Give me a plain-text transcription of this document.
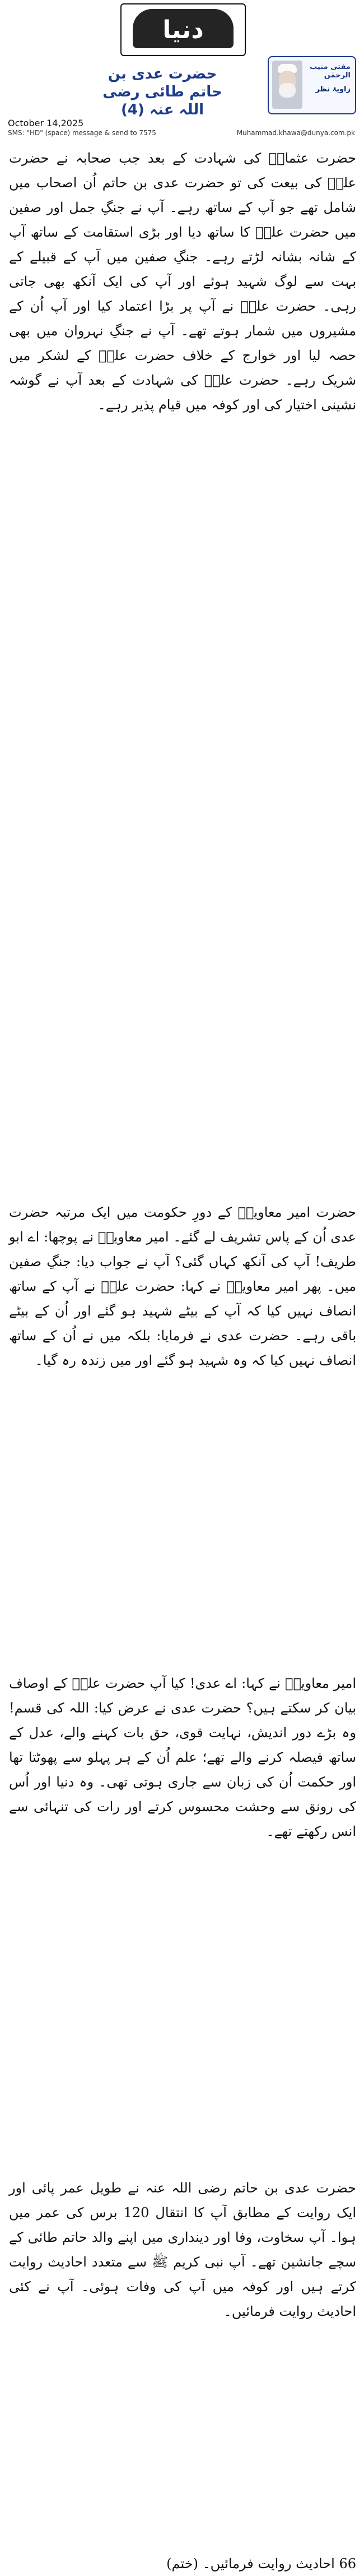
دنیا
مفتی منیب الرحمٰن
زاویۂ نظر
حضرت عدی بن حاتم طائی رضی اللہ عنہ (4)
October 14,2025
SMS: "HD" (space) message & send to 7575	Muhammad.khawa@dunya.com.pk
حضرت عثمانؓ کی شہادت کے بعد جب صحابہ نے حضرت علیؓ کی بیعت کی تو حضرت عدی بن حاتم اُن اصحاب میں شامل تھے جو آپ کے ساتھ رہے۔ آپ نے جنگِ جمل اور صفین میں حضرت علیؓ کا ساتھ دیا اور بڑی استقامت کے ساتھ آپ کے شانہ بشانہ لڑتے رہے۔ جنگِ صفین میں آپ کے قبیلے کے بہت سے لوگ شہید ہوئے اور آپ کی ایک آنکھ بھی جاتی رہی۔ حضرت علیؓ نے آپ پر بڑا اعتماد کیا اور آپ اُن کے مشیروں میں شمار ہوتے تھے۔ آپ نے جنگِ نہروان میں بھی حصہ لیا اور خوارج کے خلاف حضرت علیؓ کے لشکر میں شریک رہے۔ حضرت علیؓ کی شہادت کے بعد آپ نے گوشہ نشینی اختیار کی اور کوفہ میں قیام پذیر رہے۔
حضرت امیر معاویہؓ کے دورِ حکومت میں ایک مرتبہ حضرت عدی اُن کے پاس تشریف لے گئے۔ امیر معاویہؓ نے پوچھا: اے ابو طریف! آپ کی آنکھ کہاں گئی؟ آپ نے جواب دیا: جنگِ صفین میں۔ پھر امیر معاویہؓ نے کہا: حضرت علیؓ نے آپ کے ساتھ انصاف نہیں کیا کہ آپ کے بیٹے شہید ہو گئے اور اُن کے بیٹے باقی رہے۔ حضرت عدی نے فرمایا: بلکہ میں نے اُن کے ساتھ انصاف نہیں کیا کہ وہ شہید ہو گئے اور میں زندہ رہ گیا۔
امیر معاویہؓ نے کہا: اے عدی! کیا آپ حضرت علیؓ کے اوصاف بیان کر سکتے ہیں؟ حضرت عدی نے عرض کیا: اللہ کی قسم! وہ بڑے دور اندیش، نہایت قوی، حق بات کہنے والے، عدل کے ساتھ فیصلہ کرنے والے تھے؛ علم اُن کے ہر پہلو سے پھوٹتا تھا اور حکمت اُن کی زبان سے جاری ہوتی تھی۔ وہ دنیا اور اُس کی رونق سے وحشت محسوس کرتے اور رات کی تنہائی سے انس رکھتے تھے۔
حضرت عدی بن حاتم رضی اللہ عنہ نے طویل عمر پائی اور ایک روایت کے مطابق آپ کا انتقال 120 برس کی عمر میں ہوا۔ آپ سخاوت، وفا اور دینداری میں اپنے والد حاتم طائی کے سچے جانشین تھے۔ آپ نبی کریم ﷺ سے متعدد احادیث روایت کرتے ہیں اور کوفہ میں آپ کی وفات ہوئی۔ آپ نے کئی احادیث روایت فرمائیں۔
66 احادیث روایت فرمائیں۔ (ختم)
